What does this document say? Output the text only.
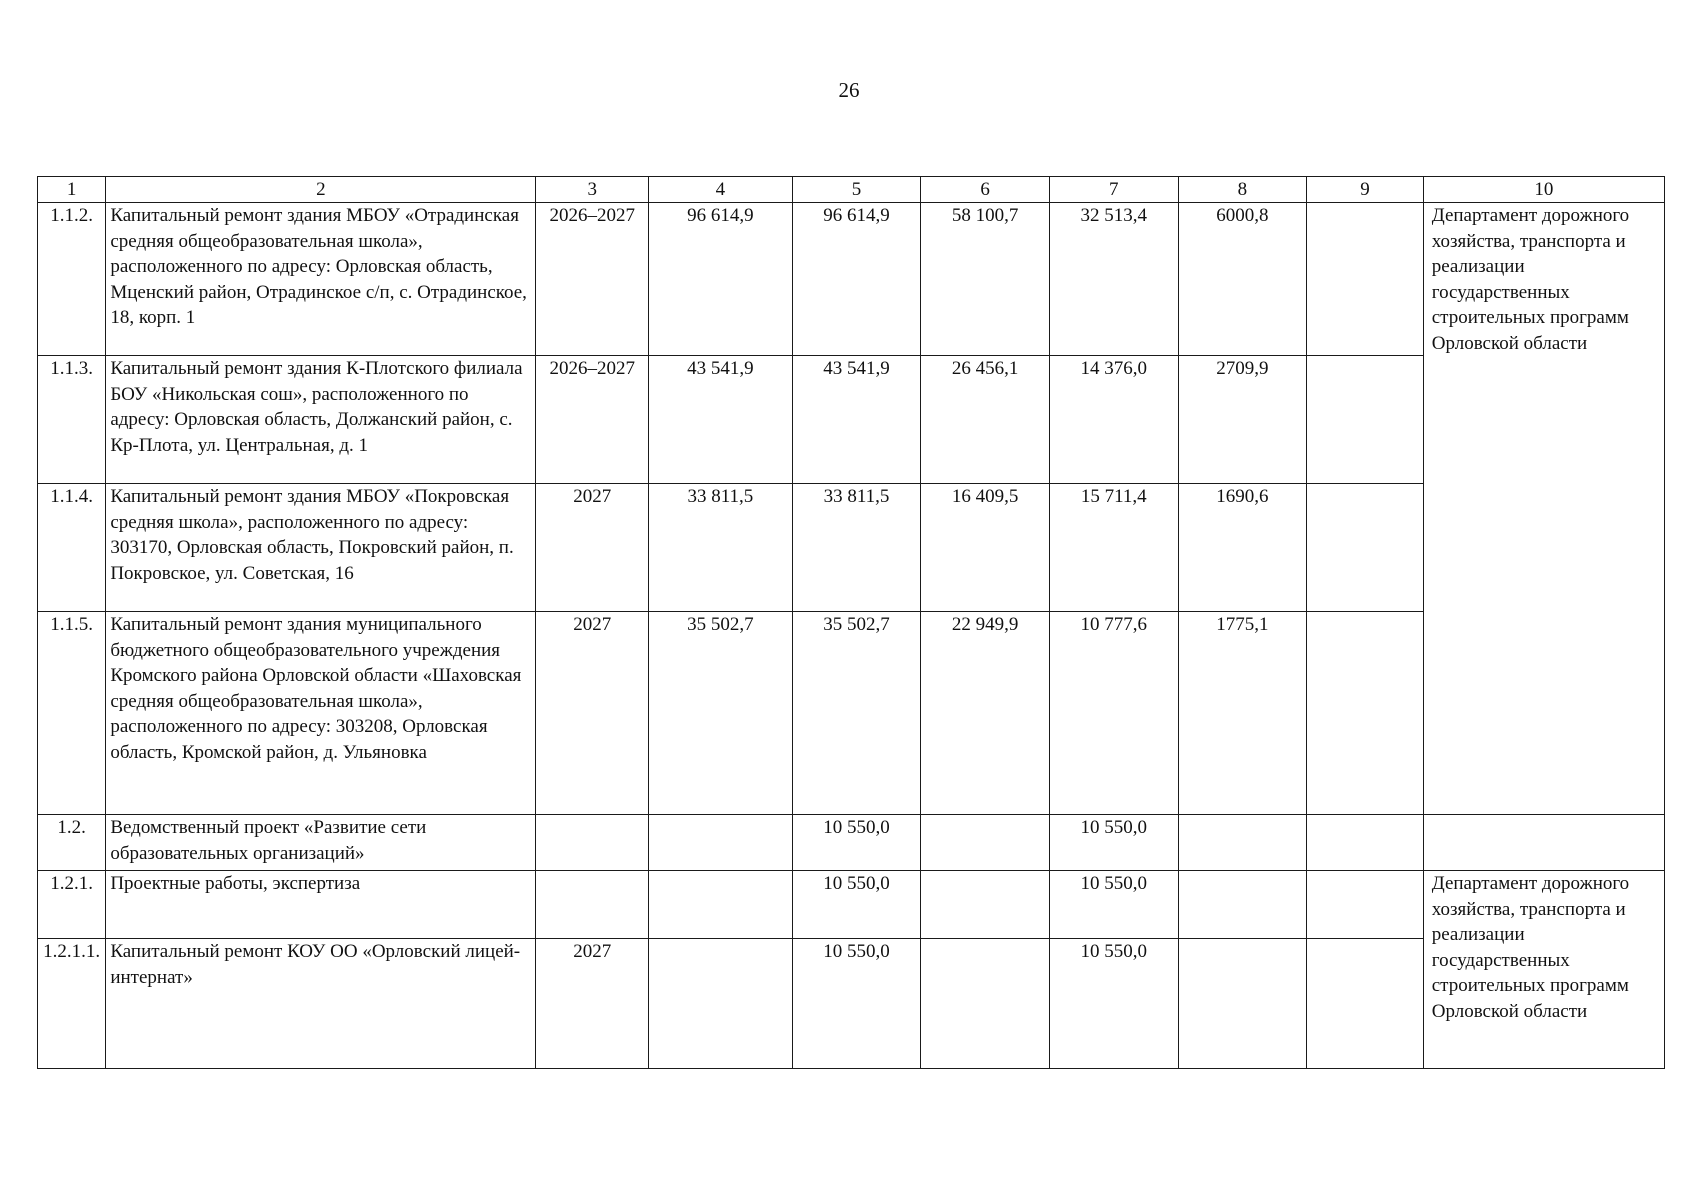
26
1	2	3	4	5	6	7	8	9	10
1.1.2.	Капитальный ремонт здания МБОУ «Отрадинская средняя общеобразовательная школа», расположенного по адресу: Орловская область, Мценский район, Отрадинское с/п, с. Отрадинское, 18, корп. 1	2026–2027	96 614,9	96 614,9	58 100,7	32 513,4	6000,8		Департамент дорожного хозяйства, транспорта и реализации государственных строительных программ Орловской области
1.1.3.	Капитальный ремонт здания К-Плотского филиала БОУ «Никольская сош», расположенного по адресу: Орловская область, Должанский район, с. Кр-Плота, ул. Центральная, д. 1	2026–2027	43 541,9	43 541,9	26 456,1	14 376,0	2709,9		
1.1.4.	Капитальный ремонт здания МБОУ «Покровская средняя школа», расположенного по адресу: 303170, Орловская область, Покровский район, п. Покровское, ул. Советская, 16	2027	33 811,5	33 811,5	16 409,5	15 711,4	1690,6		
1.1.5.	Капитальный ремонт здания муниципального бюджетного общеобразовательного учреждения Кромского района Орловской области «Шаховская средняя общеобразовательная школа», расположенного по адресу: 303208, Орловская область, Кромской район, д. Ульяновка	2027	35 502,7	35 502,7	22 949,9	10 777,6	1775,1		
1.2.	Ведомственный проект «Развитие сети образовательных организаций»			10 550,0		10 550,0			
1.2.1.	Проектные работы, экспертиза			10 550,0		10 550,0			Департамент дорожного хозяйства, транспорта и реализации государственных строительных программ Орловской области
1.2.1.1.	Капитальный ремонт КОУ ОО «Орловский лицей-интернат»	2027		10 550,0		10 550,0			
